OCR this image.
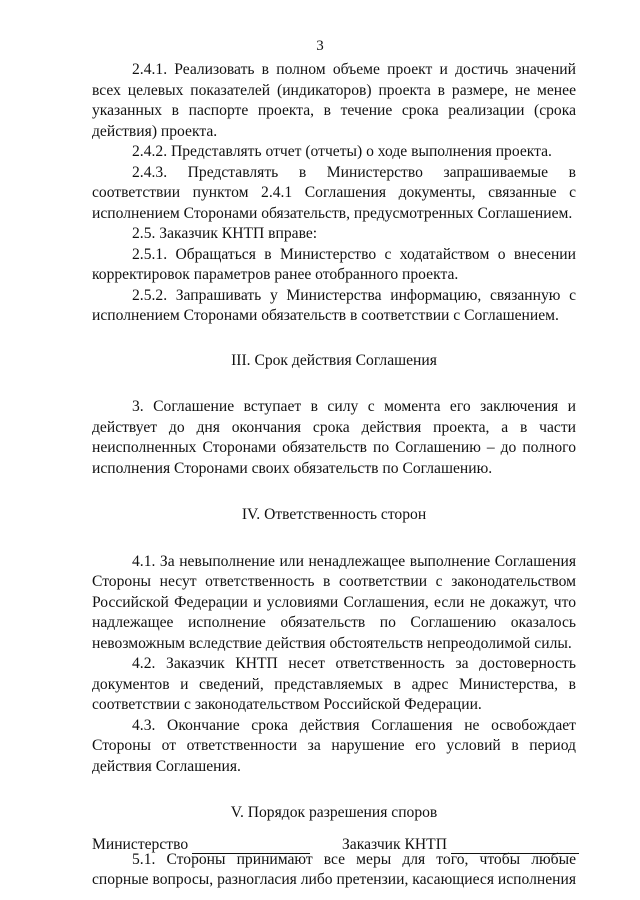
3

2.4.1. Реализовать в полном объеме проект и достичь значений всех целевых показателей (индикаторов) проекта в размере, не менее указанных в паспорте проекта, в течение срока реализации (срока действия) проекта.

2.4.2. Представлять отчет (отчеты) о ходе выполнения проекта.

2.4.3. Представлять в Министерство запрашиваемые в соответствии пунктом 2.4.1 Соглашения документы, связанные с исполнением Сторонами обязательств, предусмотренных Соглашением.

2.5. Заказчик КНТП вправе:

2.5.1. Обращаться в Министерство с ходатайством о внесении корректировок параметров ранее отобранного проекта.

2.5.2. Запрашивать у Министерства информацию, связанную с исполнением Сторонами обязательств в соответствии с Соглашением.

III. Срок действия Соглашения

3. Соглашение вступает в силу с момента его заключения и действует до дня окончания срока действия проекта, а в части неисполненных Сторонами обязательств по Соглашению – до полного исполнения Сторонами своих обязательств по Соглашению.

IV. Ответственность сторон

4.1. За невыполнение или ненадлежащее выполнение Соглашения Стороны несут ответственность в соответствии с законодательством Российской Федерации и условиями Соглашения, если не докажут, что надлежащее исполнение обязательств по Соглашению оказалось невозможным вследствие действия обстоятельств непреодолимой силы.

4.2. Заказчик КНТП несет ответственность за достоверность документов и сведений, представляемых в адрес Министерства, в соответствии с законодательством Российской Федерации.

4.3. Окончание срока действия Соглашения не освобождает Стороны от ответственности за нарушение его условий в период действия Соглашения.

V. Порядок разрешения споров

5.1. Стороны принимают все меры для того, чтобы любые спорные вопросы, разногласия либо претензии, касающиеся исполнения

Министерство	Заказчик КНТП
